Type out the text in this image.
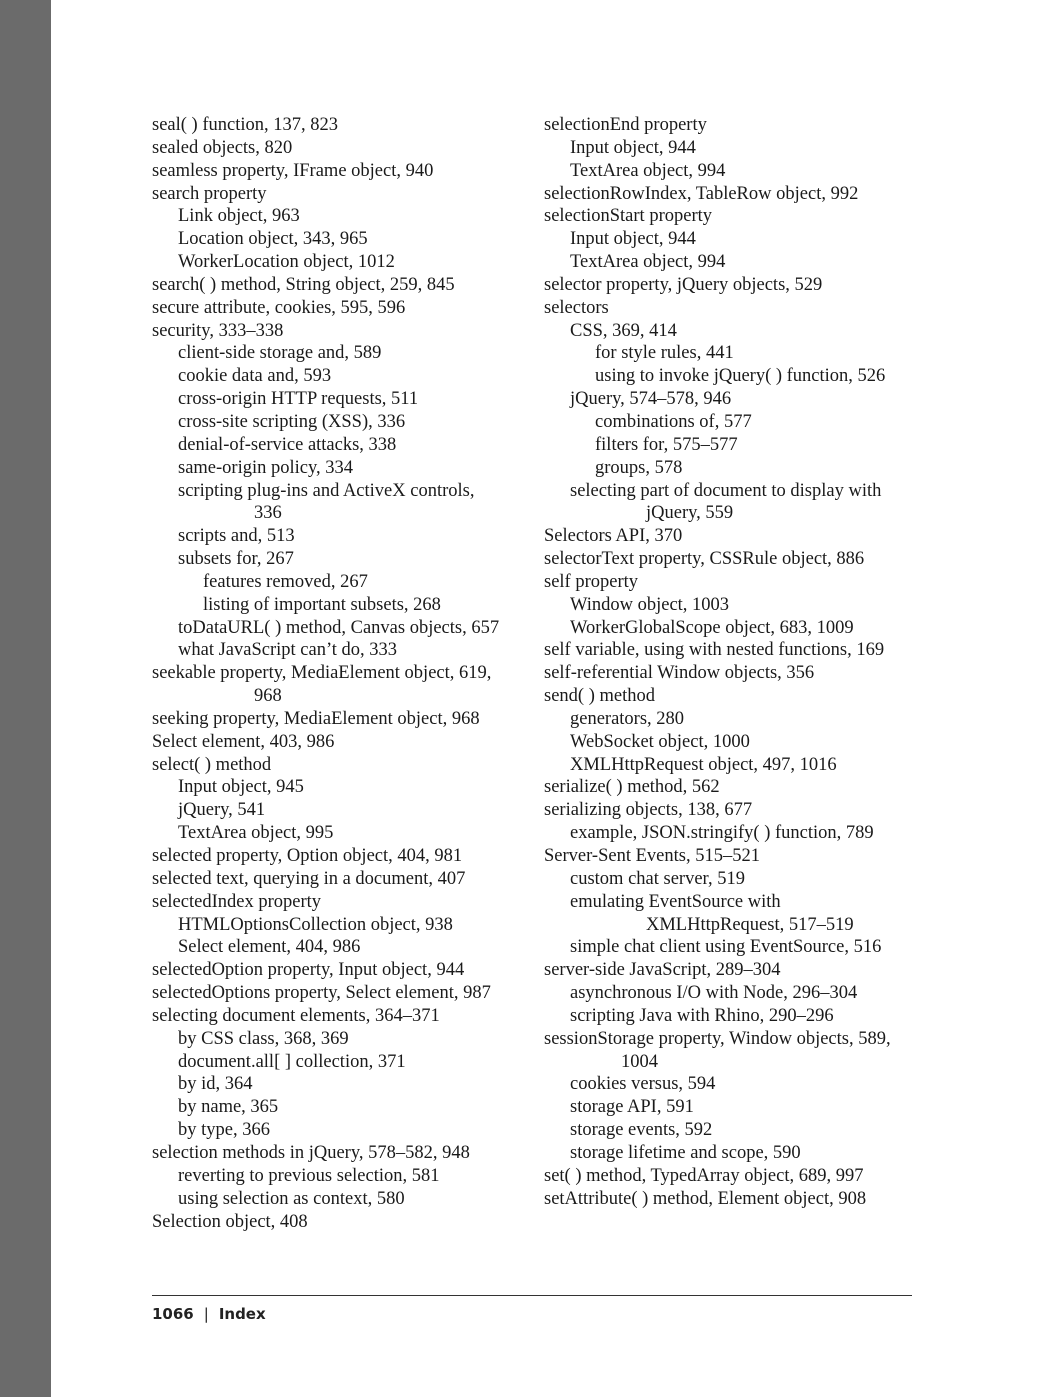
seal( ) function, 137, 823
sealed objects, 820
seamless property, IFrame object, 940
search property
Link object, 963
Location object, 343, 965
WorkerLocation object, 1012
search( ) method, String object, 259, 845
secure attribute, cookies, 595, 596
security, 333–338
client-side storage and, 589
cookie data and, 593
cross-origin HTTP requests, 511
cross-site scripting (XSS), 336
denial-of-service attacks, 338
same-origin policy, 334
scripting plug-ins and ActiveX controls,
336
scripts and, 513
subsets for, 267
features removed, 267
listing of important subsets, 268
toDataURL( ) method, Canvas objects, 657
what JavaScript can’t do, 333
seekable property, MediaElement object, 619,
968
seeking property, MediaElement object, 968
Select element, 403, 986
select( ) method
Input object, 945
jQuery, 541
TextArea object, 995
selected property, Option object, 404, 981
selected text, querying in a document, 407
selectedIndex property
HTMLOptionsCollection object, 938
Select element, 404, 986
selectedOption property, Input object, 944
selectedOptions property, Select element, 987
selecting document elements, 364–371
by CSS class, 368, 369
document.all[ ] collection, 371
by id, 364
by name, 365
by type, 366
selection methods in jQuery, 578–582, 948
reverting to previous selection, 581
using selection as context, 580
Selection object, 408
selectionEnd property
Input object, 944
TextArea object, 994
selectionRowIndex, TableRow object, 992
selectionStart property
Input object, 944
TextArea object, 994
selector property, jQuery objects, 529
selectors
CSS, 369, 414
for style rules, 441
using to invoke jQuery( ) function, 526
jQuery, 574–578, 946
combinations of, 577
filters for, 575–577
groups, 578
selecting part of document to display with
jQuery, 559
Selectors API, 370
selectorText property, CSSRule object, 886
self property
Window object, 1003
WorkerGlobalScope object, 683, 1009
self variable, using with nested functions, 169
self-referential Window objects, 356
send( ) method
generators, 280
WebSocket object, 1000
XMLHttpRequest object, 497, 1016
serialize( ) method, 562
serializing objects, 138, 677
example, JSON.stringify( ) function, 789
Server-Sent Events, 515–521
custom chat server, 519
emulating EventSource with
XMLHttpRequest, 517–519
simple chat client using EventSource, 516
server-side JavaScript, 289–304
asynchronous I/O with Node, 296–304
scripting Java with Rhino, 290–296
sessionStorage property, Window objects, 589,
1004
cookies versus, 594
storage API, 591
storage events, 592
storage lifetime and scope, 590
set( ) method, TypedArray object, 689, 997
setAttribute( ) method, Element object, 908
1066 | Index
